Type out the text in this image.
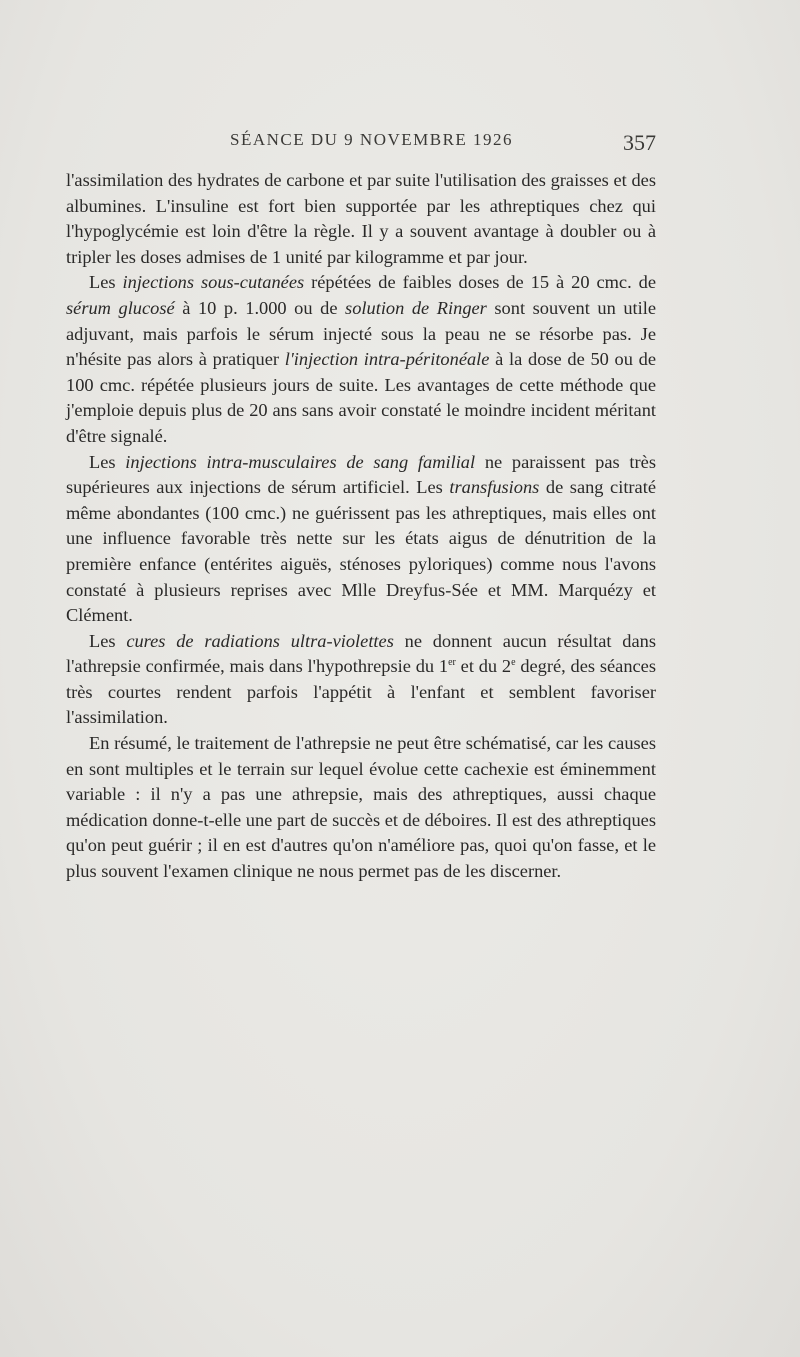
SÉANCE DU 9 NOVEMBRE 1926	357

l'assimilation des hydrates de carbone et par suite l'utilisation des graisses et des albumines. L'insuline est fort bien supportée par les athreptiques chez qui l'hypoglycémie est loin d'être la règle. Il y a souvent avantage à doubler ou à tripler les doses admises de 1 unité par kilogramme et par jour.

Les injections sous-cutanées répétées de faibles doses de 15 à 20 cmc. de sérum glucosé à 10 p. 1.000 ou de solution de Ringer sont souvent un utile adjuvant, mais parfois le sérum injecté sous la peau ne se résorbe pas. Je n'hésite pas alors à pratiquer l'injection intra-péritonéale à la dose de 50 ou de 100 cmc. répétée plusieurs jours de suite. Les avantages de cette méthode que j'emploie depuis plus de 20 ans sans avoir constaté le moindre incident méritant d'être signalé.

Les injections intra-musculaires de sang familial ne paraissent pas très supérieures aux injections de sérum artificiel. Les transfusions de sang citraté même abondantes (100 cmc.) ne guérissent pas les athreptiques, mais elles ont une influence favorable très nette sur les états aigus de dénutrition de la première enfance (entérites aiguës, sténoses pyloriques) comme nous l'avons constaté à plusieurs reprises avec Mlle Dreyfus-Sée et MM. Marquézy et Clément.

Les cures de radiations ultra-violettes ne donnent aucun résultat dans l'athrepsie confirmée, mais dans l'hypothrepsie du 1er et du 2e degré, des séances très courtes rendent parfois l'appétit à l'enfant et semblent favoriser l'assimilation.

En résumé, le traitement de l'athrepsie ne peut être schématisé, car les causes en sont multiples et le terrain sur lequel évolue cette cachexie est éminemment variable : il n'y a pas une athrepsie, mais des athreptiques, aussi chaque médication donne-t-elle une part de succès et de déboires. Il est des athreptiques qu'on peut guérir ; il en est d'autres qu'on n'améliore pas, quoi qu'on fasse, et le plus souvent l'examen clinique ne nous permet pas de les discerner.
